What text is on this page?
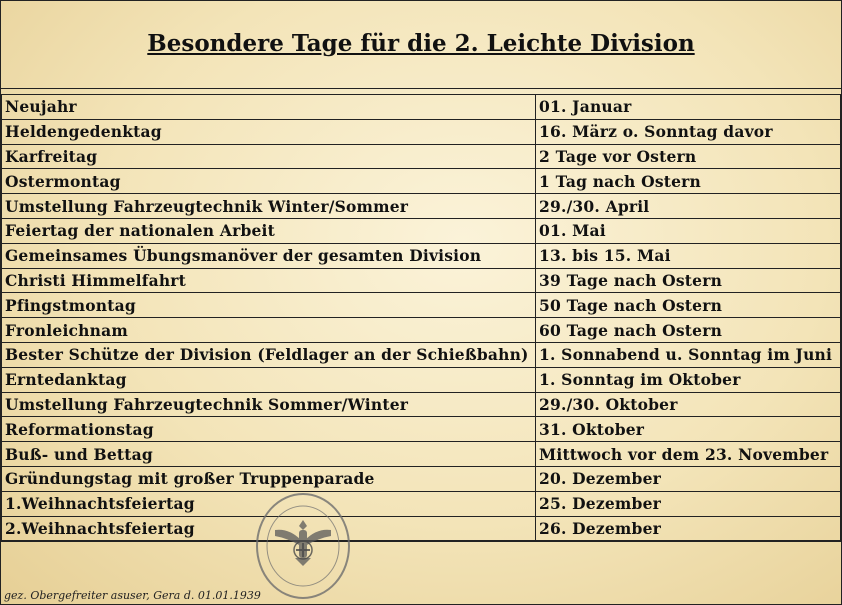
Besondere Tage für die 2. Leichte Division
Neujahr	01. Januar
Heldengedenktag	16. März o. Sonntag davor
Karfreitag	2 Tage vor Ostern
Ostermontag	1 Tag nach Ostern
Umstellung Fahrzeugtechnik Winter/Sommer	29./30. April
Feiertag der nationalen Arbeit	01. Mai
Gemeinsames Übungsmanöver der gesamten Division	13. bis 15. Mai
Christi Himmelfahrt	39 Tage nach Ostern
Pfingstmontag	50 Tage nach Ostern
Fronleichnam	60 Tage nach Ostern
Bester Schütze der Division (Feldlager an der Schießbahn)	1. Sonnabend u. Sonntag im Juni
Erntedanktag	1. Sonntag im Oktober
Umstellung Fahrzeugtechnik Sommer/Winter	29./30. Oktober
Reformationstag	31. Oktober
Buß- und Bettag	Mittwoch vor dem 23. November
Gründungstag mit großer Truppenparade	20. Dezember
1.Weihnachtsfeiertag	25. Dezember
2.Weihnachtsfeiertag	26. Dezember
gez. Obergefreiter asuser, Gera d. 01.01.1939
